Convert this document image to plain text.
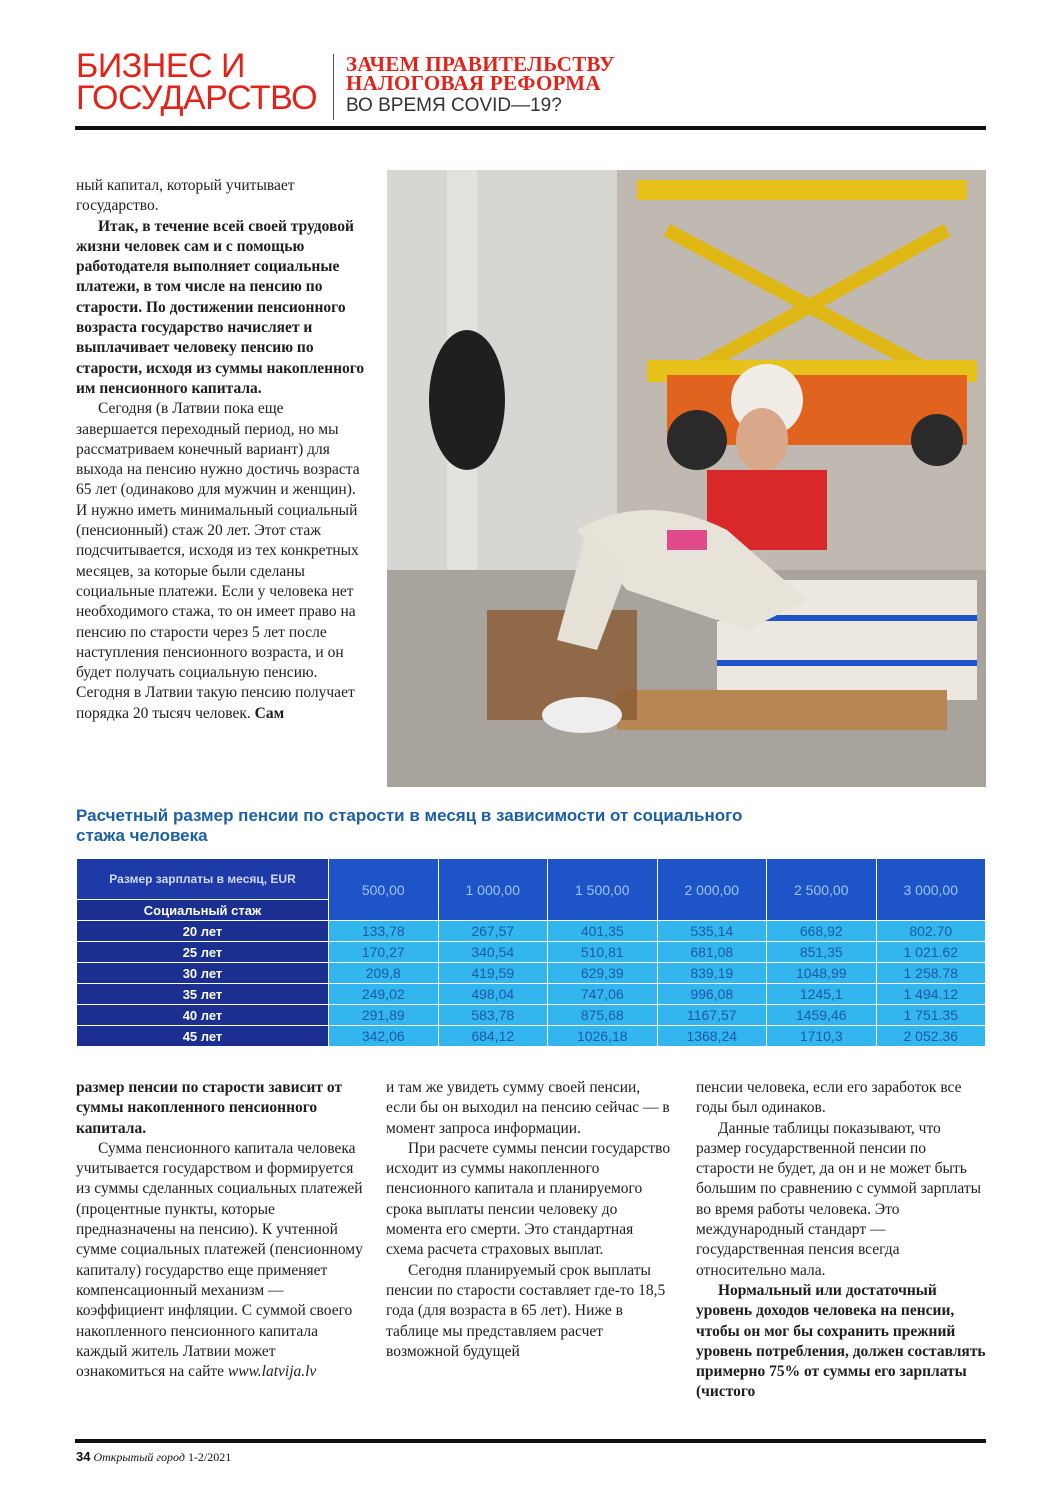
БИЗНЕС И ГОСУДАРСТВО
ЗАЧЕМ ПРАВИТЕЛЬСТВУ НАЛОГОВАЯ РЕФОРМА
ВО ВРЕМЯ COVID—19?

ный капитал, который учитывает государство.

Итак, в течение всей своей трудовой жизни человек сам и с помощью работодателя выполняет социальные платежи, в том числе на пенсию по старости. По достижении пенсионного возраста государство начисляет и выплачивает человеку пенсию по старости, исходя из суммы накопленного им пенсионного капитала.

Сегодня (в Латвии пока еще завершается переходный период, но мы рассматриваем конечный вариант) для выхода на пенсию нужно достичь возраста 65 лет (одинаково для мужчин и женщин). И нужно иметь минимальный социальный (пенсионный) стаж 20 лет. Этот стаж подсчитывается, исходя из тех конкретных месяцев, за которые были сделаны социальные платежи. Если у человека нет необходимого стажа, то он имеет право на пенсию по старости через 5 лет после наступления пенсионного возраста, и он будет получать социальную пенсию. Сегодня в Латвии такую пенсию получает порядка 20 тысяч человек. Сам

Расчетный размер пенсии по старости в месяц в зависимости от социального стажа человека
Размер зарплаты в месяц, EUR	500,00	1 000,00	1 500,00	2 000,00	2 500,00	3 000,00
Социальный стаж						
20 лет	133,78	267,57	401,35	535,14	668,92	802.70
25 лет	170,27	340,54	510,81	681,08	851,35	1 021.62
30 лет	209,8	419,59	629,39	839,19	1048,99	1 258.78
35 лет	249,02	498,04	747,06	996,08	1245,1	1 494.12
40 лет	291,89	583,78	875,68	1167,57	1459,46	1 751.35
45 лет	342,06	684,12	1026,18	1368,24	1710,3	2 052.36

размер пенсии по старости зависит от суммы накопленного пенсионного капитала.

Сумма пенсионного капитала человека учитывается государством и формируется из суммы сделанных социальных платежей (процентные пункты, которые предназначены на пенсию). К учтенной сумме социальных платежей (пенсионному капиталу) государство еще применяет компенсационный механизм — коэффициент инфляции. С суммой своего накопленного пенсионного капитала каждый житель Латвии может ознакомиться на сайте www.latvija.lv

и там же увидеть сумму своей пенсии, если бы он выходил на пенсию сейчас — в момент запроса информации.

При расчете суммы пенсии государство исходит из суммы накопленного пенсионного капитала и планируемого срока выплаты пенсии человеку до момента его смерти. Это стандартная схема расчета страховых выплат.

Сегодня планируемый срок выплаты пенсии по старости составляет где-то 18,5 года (для возраста в 65 лет). Ниже в таблице мы представляем расчет возможной будущей

пенсии человека, если его заработок все годы был одинаков.

Данные таблицы показывают, что размер государственной пенсии по старости не будет, да он и не может быть большим по сравнению с суммой зарплаты во время работы человека. Это международный стандарт — государственная пенсия всегда относительно мала.

Нормальный или достаточный уровень доходов человека на пенсии, чтобы он мог бы сохранить прежний уровень потребления, должен составлять примерно 75% от суммы его зарплаты (чистого

34 Открытый город 1-2/2021
